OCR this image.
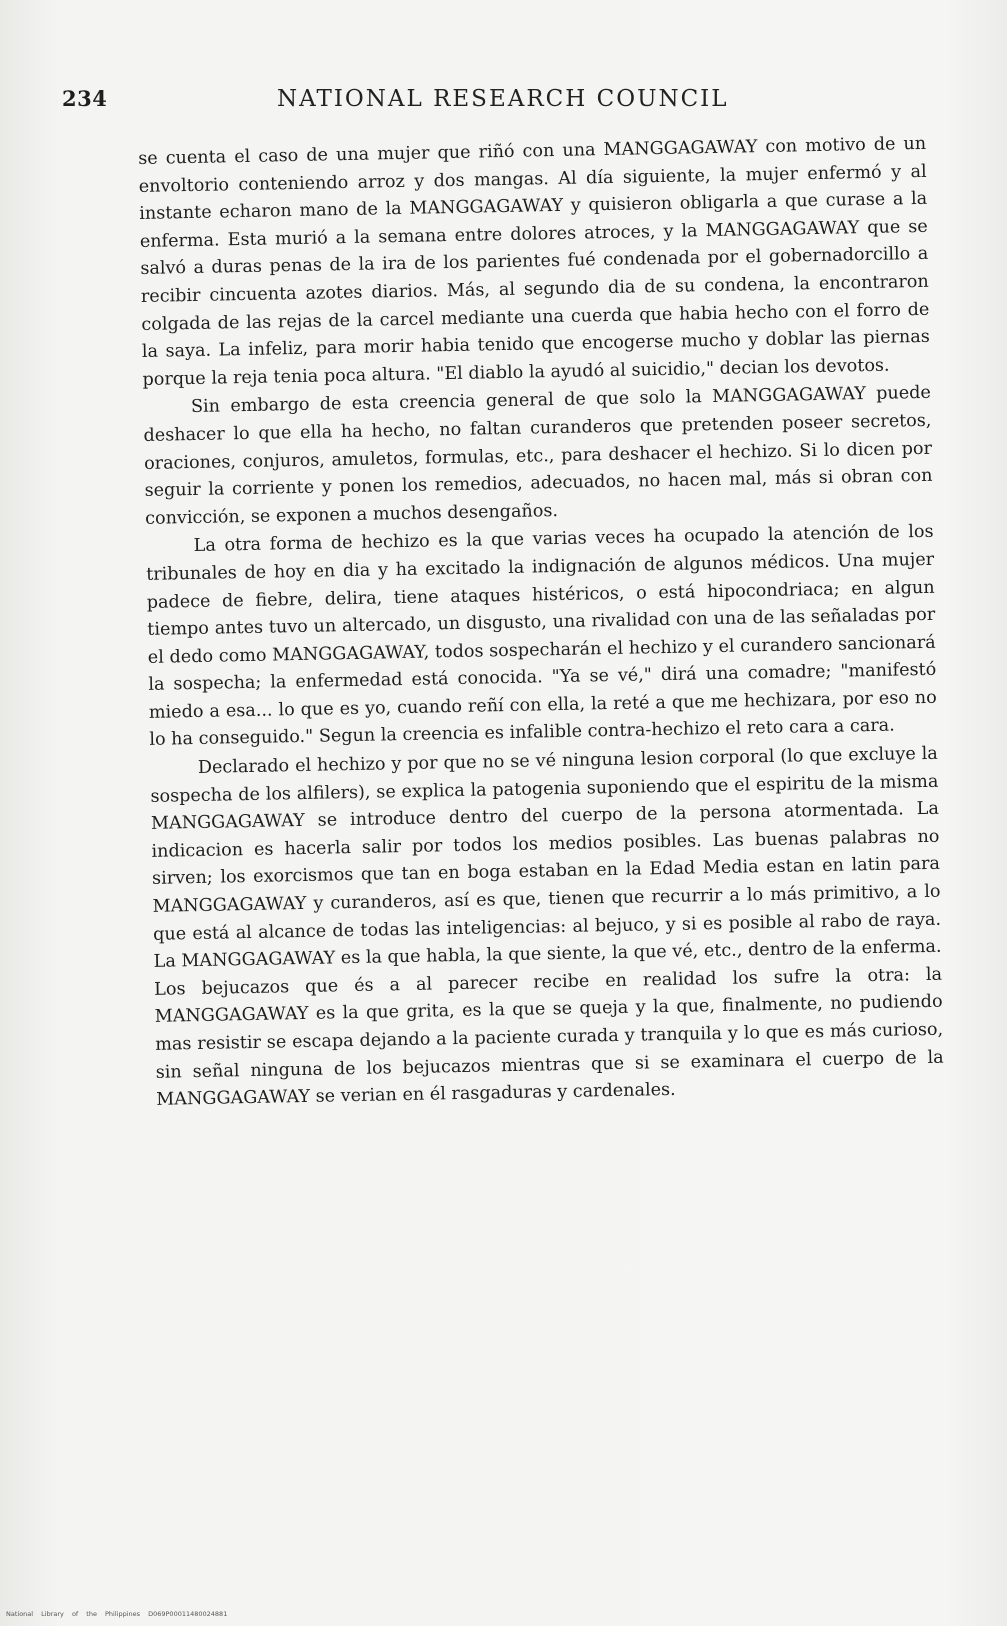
234	NATIONAL RESEARCH COUNCIL

se cuenta el caso de una mujer que riñó con una MANGGAGAWAY con motivo de un envoltorio conteniendo arroz y dos mangas. Al día siguiente, la mujer enfermó y al instante echaron mano de la MANGGAGAWAY y quisieron obligarla a que curase a la enferma. Esta murió a la semana entre dolores atroces, y la MANGGAGAWAY que se salvó a duras penas de la ira de los parientes fué condenada por el gobernadorcillo a recibir cincuenta azotes diarios. Más, al segundo dia de su condena, la encontraron colgada de las rejas de la carcel mediante una cuerda que habia hecho con el forro de la saya. La infeliz, para morir habia tenido que encogerse mucho y doblar las piernas porque la reja tenia poca altura. "El diablo la ayudó al suicidio," decian los devotos.

Sin embargo de esta creencia general de que solo la MANGGAGAWAY puede deshacer lo que ella ha hecho, no faltan curanderos que pretenden poseer secretos, oraciones, conjuros, amuletos, formulas, etc., para deshacer el hechizo. Si lo dicen por seguir la corriente y ponen los remedios, adecuados, no hacen mal, más si obran con convicción, se exponen a muchos desengaños.

La otra forma de hechizo es la que varias veces ha ocupado la atención de los tribunales de hoy en dia y ha excitado la indignación de algunos médicos. Una mujer padece de fiebre, delira, tiene ataques histéricos, o está hipocondriaca; en algun tiempo antes tuvo un altercado, un disgusto, una rivalidad con una de las señaladas por el dedo como MANGGAGAWAY, todos sospecharán el hechizo y el curandero sancionará la sospecha; la enfermedad está conocida. "Ya se vé," dirá una comadre; "manifestó miedo a esa... lo que es yo, cuando reñí con ella, la reté a que me hechizara, por eso no lo ha conseguido." Segun la creencia es infalible contra-hechizo el reto cara a cara.

Declarado el hechizo y por que no se vé ninguna lesion corporal (lo que excluye la sospecha de los alfilers), se explica la patogenia suponiendo que el espiritu de la misma MANGGAGAWAY se introduce dentro del cuerpo de la persona atormentada. La indicacion es hacerla salir por todos los medios posibles. Las buenas palabras no sirven; los exorcismos que tan en boga estaban en la Edad Media estan en latin para MANGGAGAWAY y curanderos, así es que, tienen que recurrir a lo más primitivo, a lo que está al alcance de todas las inteligencias: al bejuco, y si es posible al rabo de raya. La MANGGAGAWAY es la que habla, la que siente, la que vé, etc., dentro de la enferma. Los bejucazos que és a al parecer recibe en realidad los sufre la otra: la MANGGAGAWAY es la que grita, es la que se queja y la que, finalmente, no pudiendo mas resistir se escapa dejando a la paciente curada y tranquila y lo que es más curioso, sin señal ninguna de los bejucazos mientras que si se examinara el cuerpo de la MANGGAGAWAY se verian en él rasgaduras y cardenales.

National Library of the Philippines D069P00011480024881
